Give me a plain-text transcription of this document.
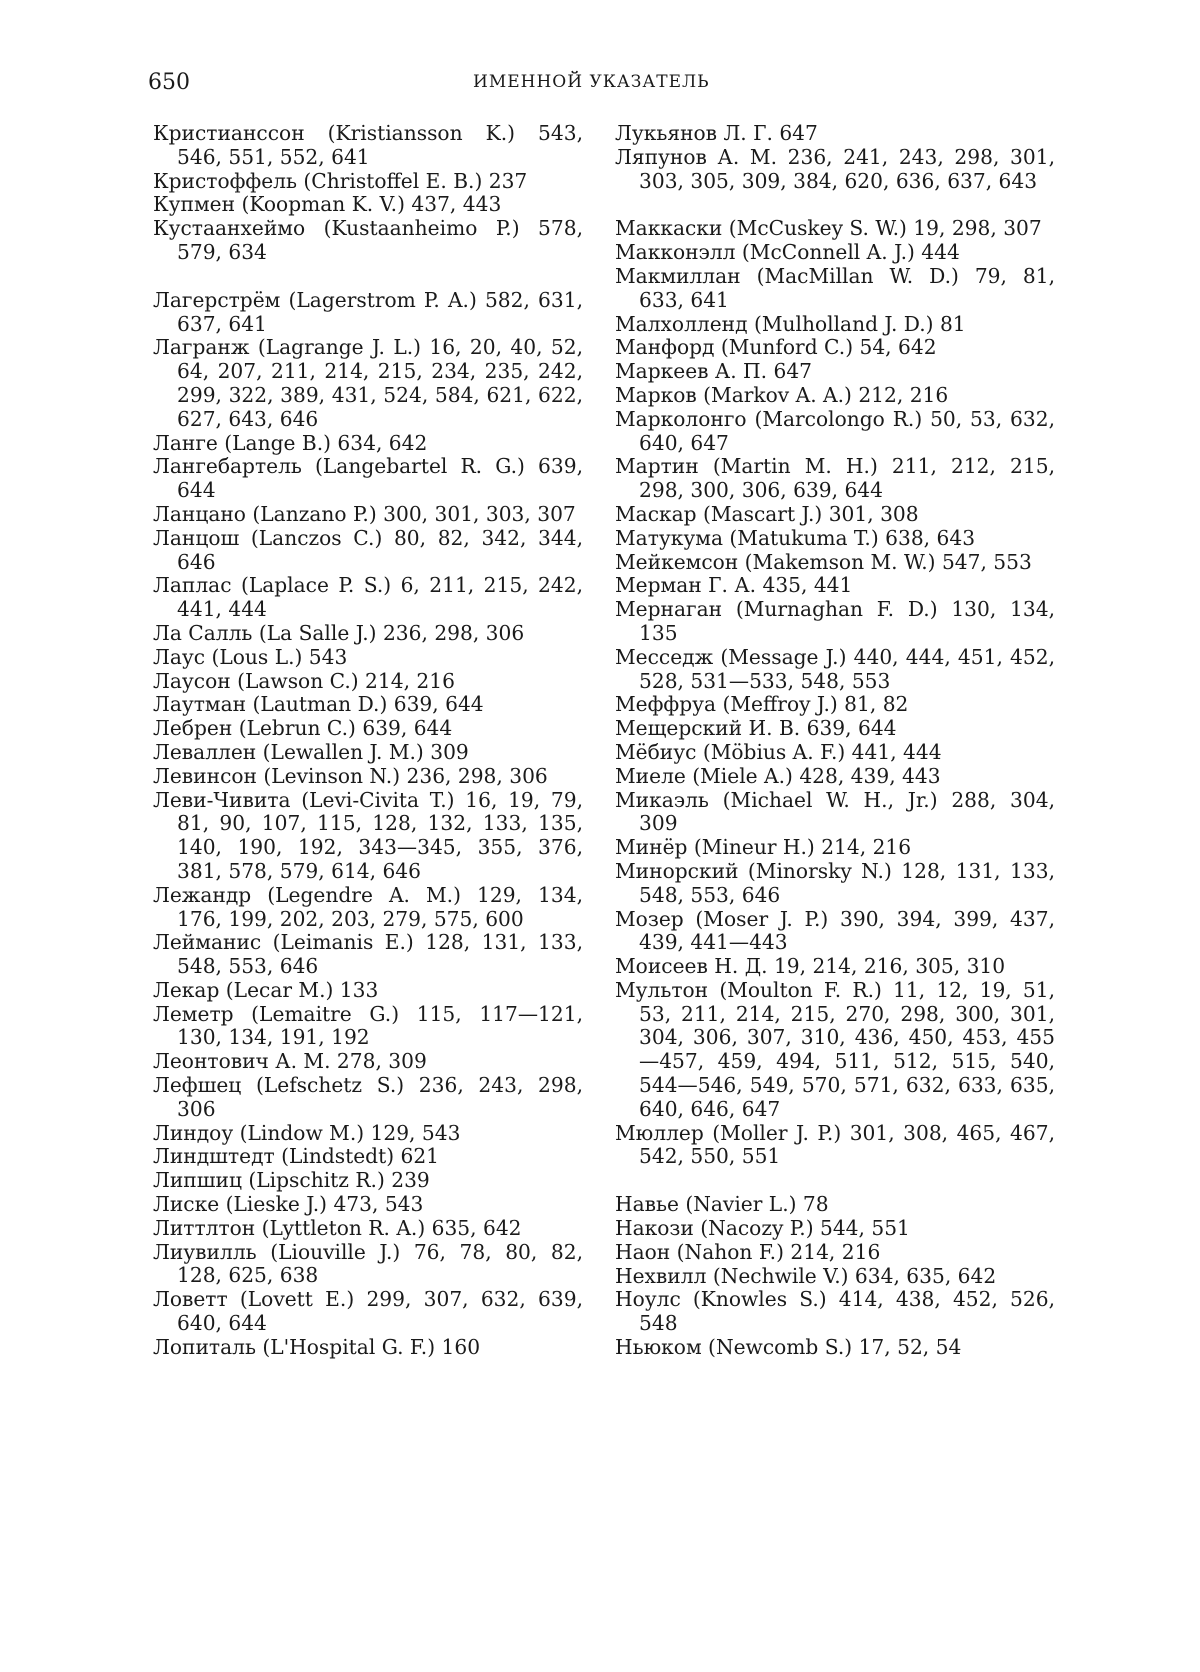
650	ИМЕННОЙ УКАЗАТЕЛЬ

Кристианссон (Kristiansson K.) 543, 546, 551, 552, 641

Кристоффель (Christoffel E. B.) 237

Купмен (Koopman K. V.) 437, 443

Кустаанхеймо (Kustaanheimo P.) 578, 579, 634

Лагерстрём (Lagerstrom P. A.) 582, 631, 637, 641

Лагранж (Lagrange J. L.) 16, 20, 40, 52, 64, 207, 211, 214, 215, 234, 235, 242, 299, 322, 389, 431, 524, 584, 621, 622, 627, 643, 646

Ланге (Lange B.) 634, 642

Лангебартель (Langebartel R. G.) 639, 644

Ланцано (Lanzano P.) 300, 301, 303, 307

Ланцош (Lanczos C.) 80, 82, 342, 344, 646

Лаплас (Laplace P. S.) 6, 211, 215, 242, 441, 444

Ла Салль (La Salle J.) 236, 298, 306

Лаус (Lous L.) 543

Лаусон (Lawson C.) 214, 216

Лаутман (Lautman D.) 639, 644

Лебрен (Lebrun C.) 639, 644

Леваллен (Lewallen J. M.) 309

Левинсон (Levinson N.) 236, 298, 306

Леви-Чивита (Levi-Civita T.) 16, 19, 79, 81, 90, 107, 115, 128, 132, 133, 135, 140, 190, 192, 343—345, 355, 376, 381, 578, 579, 614, 646

Лежандр (Legendre A. M.) 129, 134, 176, 199, 202, 203, 279, 575, 600

Лейманис (Leimanis E.) 128, 131, 133, 548, 553, 646

Лекар (Lecar M.) 133

Леметр (Lemaitre G.) 115, 117—121, 130, 134, 191, 192

Леонтович А. М. 278, 309

Лефшец (Lefschetz S.) 236, 243, 298, 306

Линдоу (Lindow M.) 129, 543

Линдштедт (Lindstedt) 621

Липшиц (Lipschitz R.) 239

Лиске (Lieske J.) 473, 543

Литтлтон (Lyttleton R. A.) 635, 642

Лиувилль (Liouville J.) 76, 78, 80, 82, 128, 625, 638

Ловетт (Lovett E.) 299, 307, 632, 639, 640, 644

Лопиталь (L'Hospital G. F.) 160

Лукьянов Л. Г. 647

Ляпунов А. М. 236, 241, 243, 298, 301, 303, 305, 309, 384, 620, 636, 637, 643

Маккаски (McCuskey S. W.) 19, 298, 307

Макконэлл (McConnell A. J.) 444

Макмиллан (MacMillan W. D.) 79, 81, 633, 641

Малхолленд (Mulholland J. D.) 81

Манфорд (Munford C.) 54, 642

Маркеев А. П. 647

Марков (Markov A. A.) 212, 216

Марколонго (Marcolongo R.) 50, 53, 632, 640, 647

Мартин (Martin M. H.) 211, 212, 215, 298, 300, 306, 639, 644

Маскар (Mascart J.) 301, 308

Матукума (Matukuma T.) 638, 643

Мейкемсон (Makemson M. W.) 547, 553

Мерман Г. А. 435, 441

Мернаган (Murnaghan F. D.) 130, 134, 135

Месседж (Message J.) 440, 444, 451, 452, 528, 531—533, 548, 553

Меффруа (Meffroy J.) 81, 82

Мещерский И. В. 639, 644

Мёбиус (Möbius A. F.) 441, 444

Миеле (Miele A.) 428, 439, 443

Микаэль (Michael W. H., Jr.) 288, 304, 309

Минёр (Mineur H.) 214, 216

Минорский (Minorsky N.) 128, 131, 133, 548, 553, 646

Мозер (Moser J. P.) 390, 394, 399, 437, 439, 441—443

Моисеев Н. Д. 19, 214, 216, 305, 310

Мультон (Moulton F. R.) 11, 12, 19, 51, 53, 211, 214, 215, 270, 298, 300, 301, 304, 306, 307, 310, 436, 450, 453, 455—457, 459, 494, 511, 512, 515, 540, 544—546, 549, 570, 571, 632, 633, 635, 640, 646, 647

Мюллер (Moller J. P.) 301, 308, 465, 467, 542, 550, 551

Навье (Navier L.) 78

Накози (Nacozy P.) 544, 551

Наон (Nahon F.) 214, 216

Нехвилл (Nechwile V.) 634, 635, 642

Ноулс (Knowles S.) 414, 438, 452, 526, 548

Ньюком (Newcomb S.) 17, 52, 54
